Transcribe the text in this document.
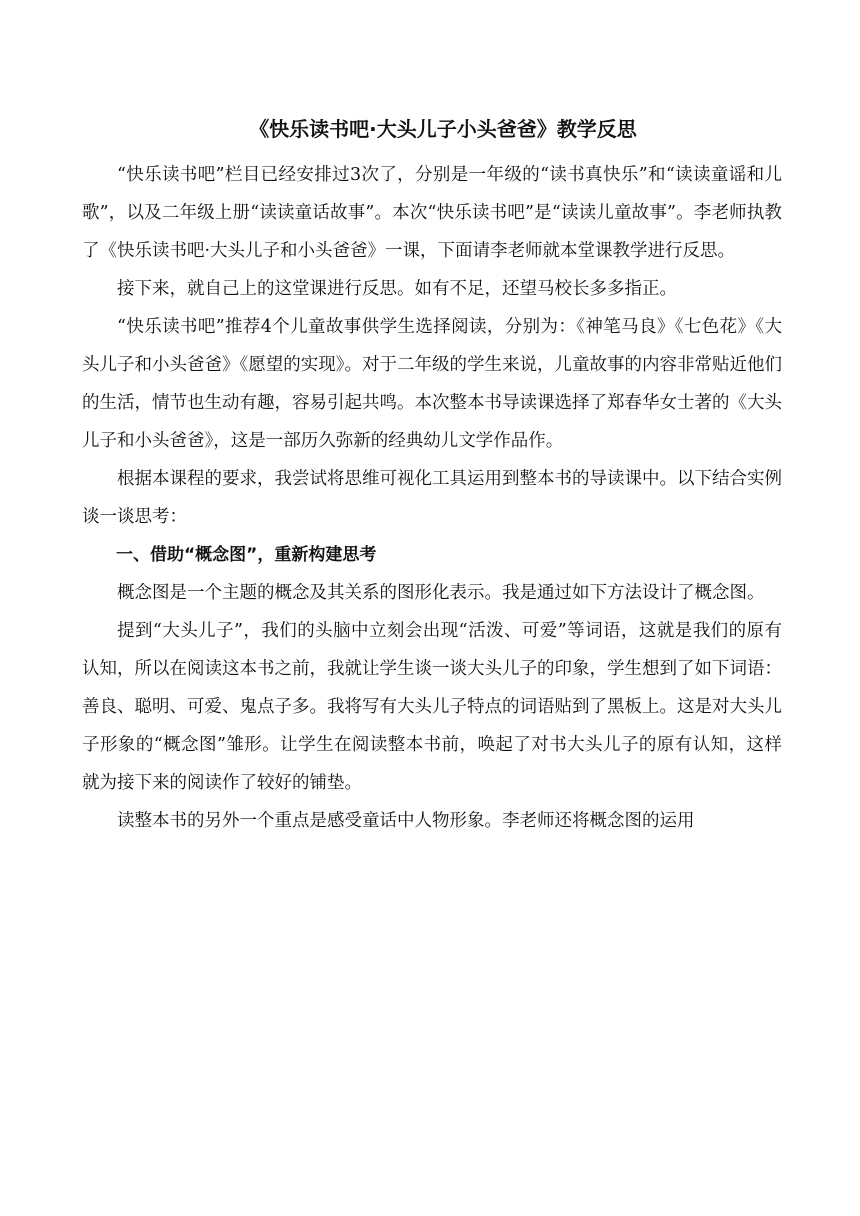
《快乐读书吧·大头儿子小头爸爸》教学反思

“快乐读书吧”栏目已经安排过3次了，分别是一年级的“读书真快乐”和“读读童谣和儿歌”，以及二年级上册“读读童话故事”。本次“快乐读书吧”是“读读儿童故事”。李老师执教了《快乐读书吧·大头儿子和小头爸爸》一课，下面请李老师就本堂课教学进行反思。

接下来，就自己上的这堂课进行反思。如有不足，还望马校长多多指正。

“快乐读书吧”推荐4个儿童故事供学生选择阅读，分别为：《神笔马良》《七色花》《大头儿子和小头爸爸》《愿望的实现》。对于二年级的学生来说，儿童故事的内容非常贴近他们的生活，情节也生动有趣，容易引起共鸣。本次整本书导读课选择了郑春华女士著的《大头儿子和小头爸爸》，这是一部历久弥新的经典幼儿文学作品作。

根据本课程的要求，我尝试将思维可视化工具运用到整本书的导读课中。以下结合实例谈一谈思考：

一、借助“概念图”，重新构建思考

概念图是一个主题的概念及其关系的图形化表示。我是通过如下方法设计了概念图。

提到“大头儿子”，我们的头脑中立刻会出现“活泼、可爱”等词语，这就是我们的原有认知，所以在阅读这本书之前，我就让学生谈一谈大头儿子的印象，学生想到了如下词语：善良、聪明、可爱、鬼点子多。我将写有大头儿子特点的词语贴到了黑板上。这是对大头儿子形象的“概念图”雏形。让学生在阅读整本书前，唤起了对书大头儿子的原有认知，这样就为接下来的阅读作了较好的铺垫。

读整本书的另外一个重点是感受童话中人物形象。李老师还将概念图的运用
